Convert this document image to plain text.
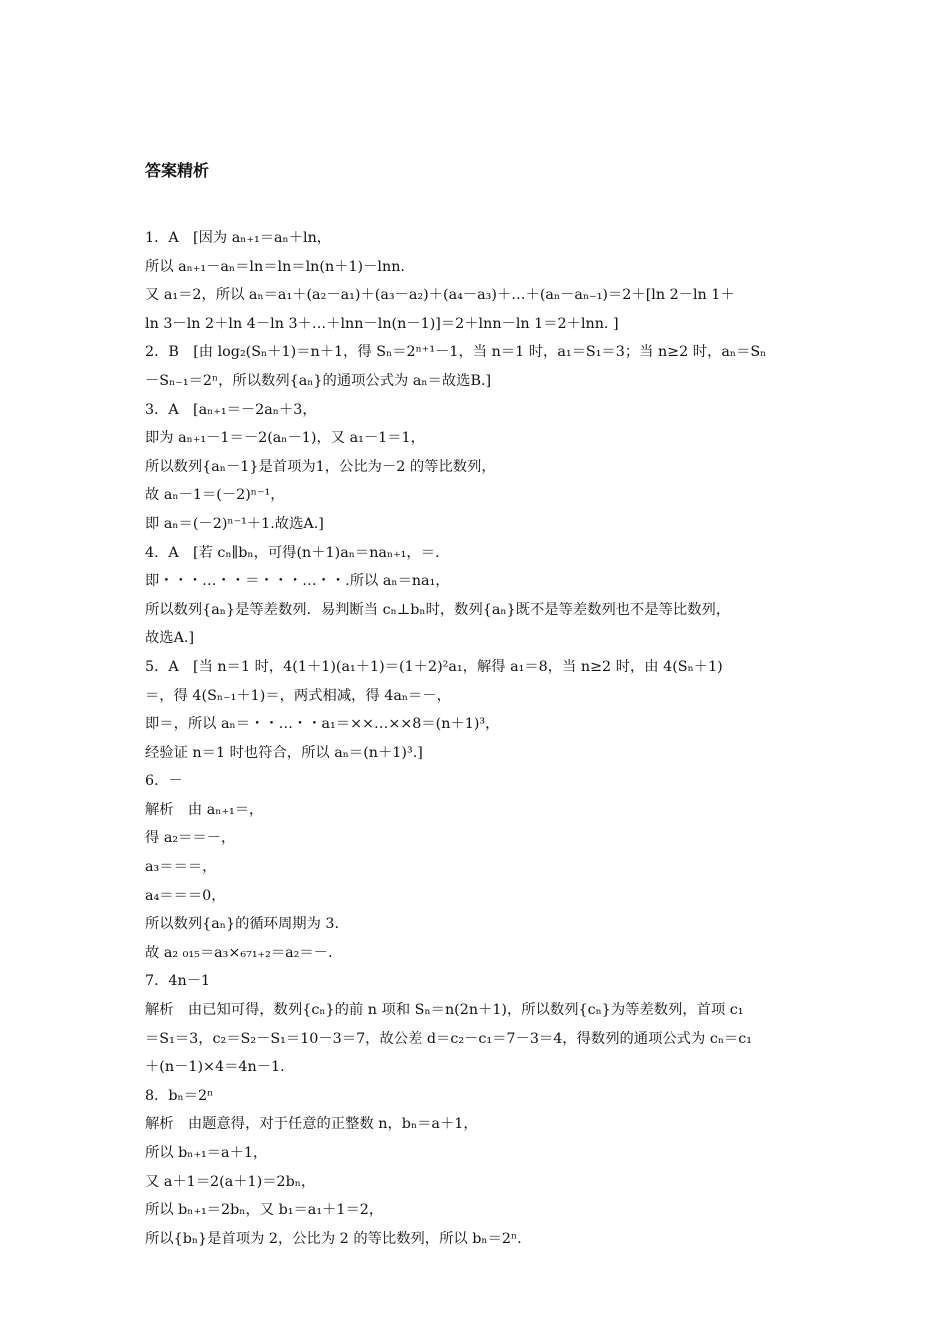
答案精析
1．A　[因为 aₙ₊₁＝aₙ＋ln，
所以 aₙ₊₁－aₙ＝ln＝ln＝ln(n＋1)－lnn.
又 a₁＝2，所以 aₙ＝a₁＋(a₂－a₁)＋(a₃－a₂)＋(a₄－a₃)＋…＋(aₙ－aₙ₋₁)＝2＋[ln 2－ln 1＋
ln 3－ln 2＋ln 4－ln 3＋…＋lnn－ln(n－1)]＝2＋lnn－ln 1＝2＋lnn. ]
2．B　[由 log₂(Sₙ＋1)＝n＋1，得 Sₙ＝2ⁿ⁺¹－1，当 n＝1 时，a₁＝S₁＝3；当 n≥2 时，aₙ＝Sₙ
－Sₙ₋₁＝2ⁿ，所以数列{aₙ}的通项公式为 aₙ＝故选B.]
3．A　[aₙ₊₁＝－2aₙ＋3，
即为 aₙ₊₁－1＝－2(aₙ－1)，又 a₁－1＝1，
所以数列{aₙ－1}是首项为1，公比为－2 的等比数列，
故 aₙ－1＝(－2)ⁿ⁻¹，
即 aₙ＝(－2)ⁿ⁻¹＋1.故选A.]
4．A　[若 cₙ∥bₙ，可得(n＋1)aₙ＝naₙ₊₁，＝.
即・・・…・・＝・・・…・・.所以 aₙ＝na₁，
所以数列{aₙ}是等差数列．易判断当 cₙ⊥bₙ时，数列{aₙ}既不是等差数列也不是等比数列，
故选A.]
5．A　[当 n＝1 时，4(1＋1)(a₁＋1)＝(1＋2)²a₁，解得 a₁＝8，当 n≥2 时，由 4(Sₙ＋1)
＝，得 4(Sₙ₋₁＋1)＝，两式相减，得 4aₙ＝－，
即＝，所以 aₙ＝・・…・・a₁＝××…××8＝(n＋1)³，
经验证 n＝1 时也符合，所以 aₙ＝(n＋1)³.]
6．－
解析　由 aₙ₊₁＝，
得 a₂＝＝－，
a₃＝＝＝，
a₄＝＝＝0，
所以数列{aₙ}的循环周期为 3.
故 a₂ ₀₁₅＝a₃×₆₇₁₊₂＝a₂＝－.
7．4n－1
解析　由已知可得，数列{cₙ}的前 n 项和 Sₙ＝n(2n＋1)，所以数列{cₙ}为等差数列，首项 c₁
＝S₁＝3，c₂＝S₂－S₁＝10－3＝7，故公差 d＝c₂－c₁＝7－3＝4，得数列的通项公式为 cₙ＝c₁
＋(n－1)×4＝4n－1.
8．bₙ＝2ⁿ
解析　由题意得，对于任意的正整数 n，bₙ＝a＋1，
所以 bₙ₊₁＝a＋1，
又 a＋1＝2(a＋1)＝2bₙ，
所以 bₙ₊₁＝2bₙ，又 b₁＝a₁＋1＝2，
所以{bₙ}是首项为 2，公比为 2 的等比数列，所以 bₙ＝2ⁿ.
